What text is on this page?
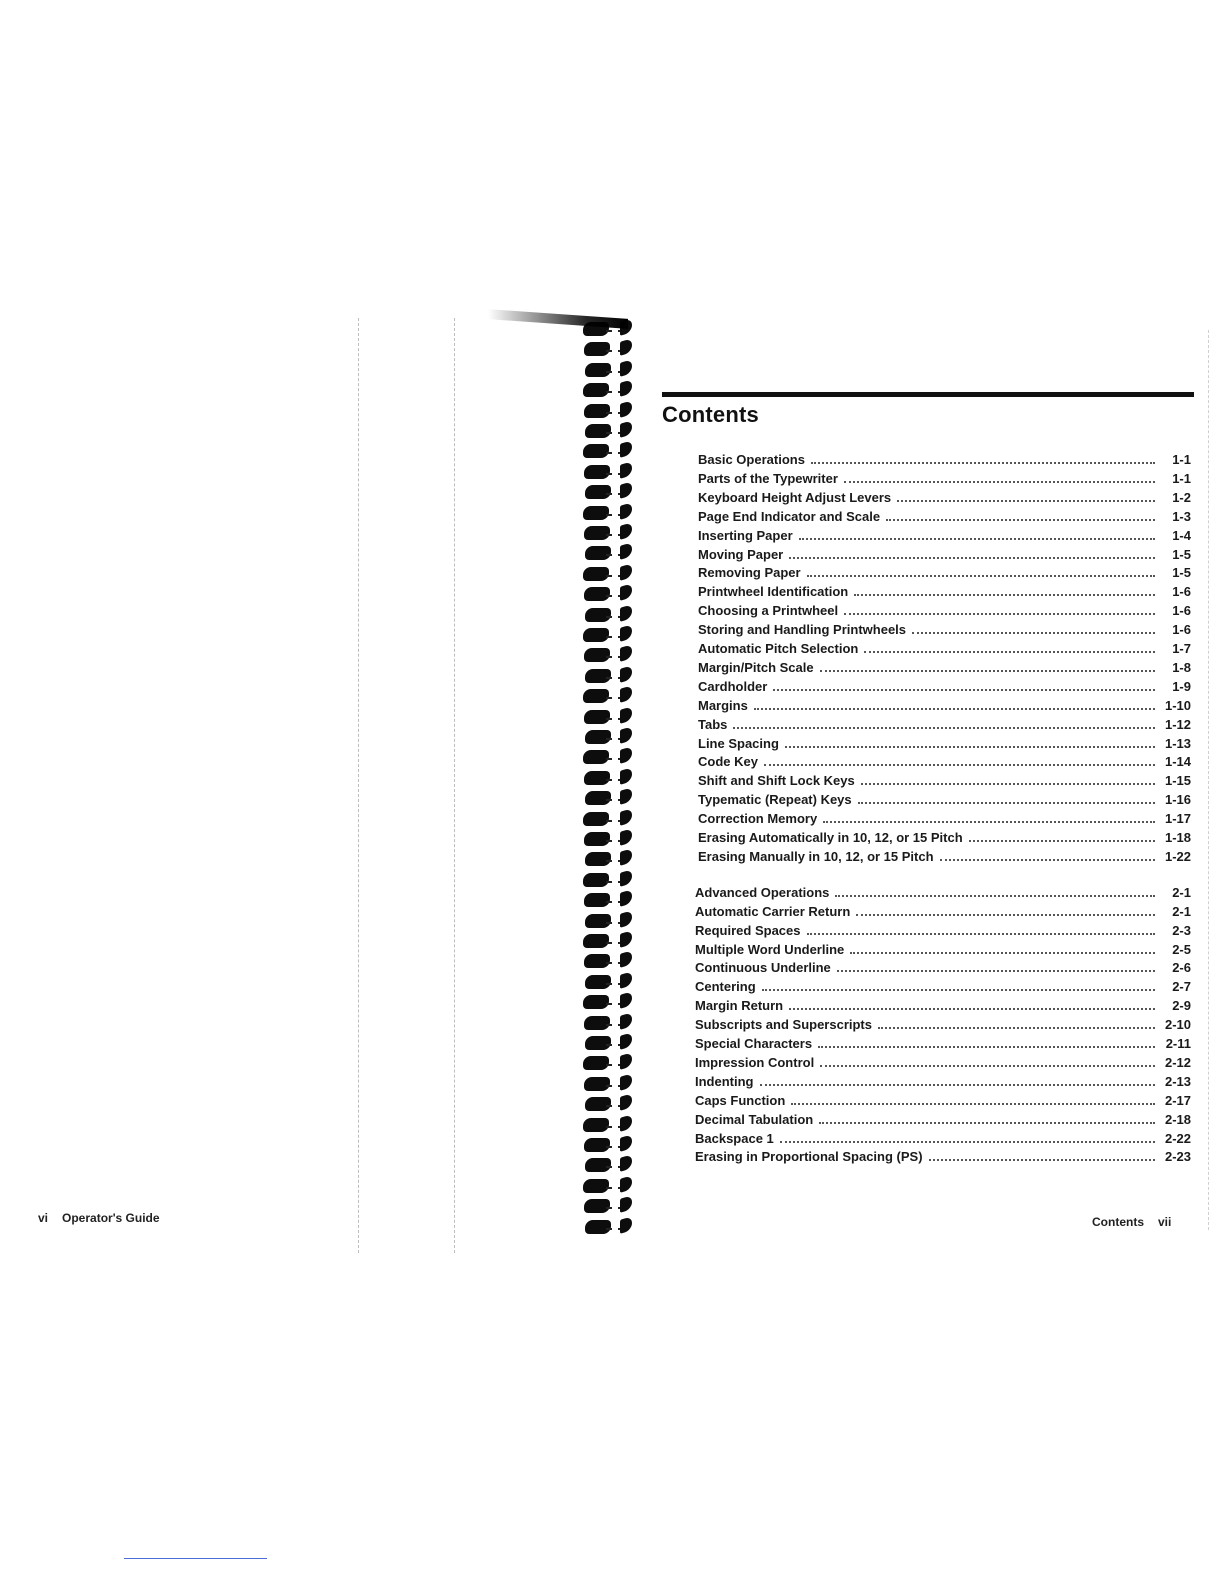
vi Operator's Guide
Contents
Basic Operations	1-1
Parts of the Typewriter	1-1
Keyboard Height Adjust Levers	1-2
Page End Indicator and Scale	1-3
Inserting Paper	1-4
Moving Paper	1-5
Removing Paper	1-5
Printwheel Identification	1-6
Choosing a Printwheel	1-6
Storing and Handling Printwheels	1-6
Automatic Pitch Selection	1-7
Margin/Pitch Scale	1-8
Cardholder	1-9
Margins	1-10
Tabs	1-12
Line Spacing	1-13
Code Key	1-14
Shift and Shift Lock Keys	1-15
Typematic (Repeat) Keys	1-16
Correction Memory	1-17
Erasing Automatically in 10, 12, or 15 Pitch	1-18
Erasing Manually in 10, 12, or 15 Pitch	1-22
Advanced Operations	2-1
Automatic Carrier Return	2-1
Required Spaces	2-3
Multiple Word Underline	2-5
Continuous Underline	2-6
Centering	2-7
Margin Return	2-9
Subscripts and Superscripts	2-10
Special Characters	2-11
Impression Control	2-12
Indenting	2-13
Caps Function	2-17
Decimal Tabulation	2-18
Backspace 1	2-22
Erasing in Proportional Spacing (PS)	2-23
Contents vii
